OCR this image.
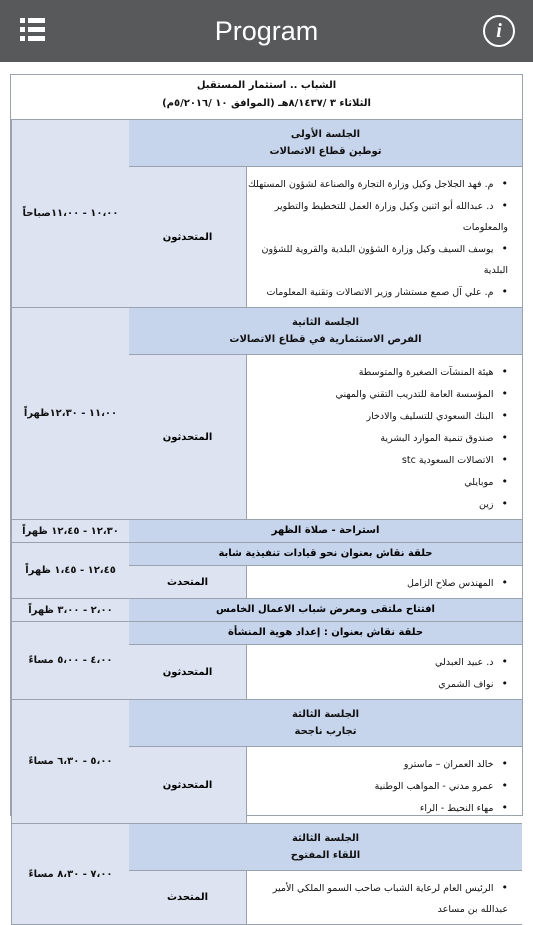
Program	i
الشباب .. استثمار المستقبل
الثلاثاء ٣ /٨/١٤٣٧هـ (الموافق ١٠ /٥/٢٠١٦م)
الجلسة الأولى
توطين قطاع الاتصالات
• م. فهد الجلاجل وكيل وزارة التجارة والصناعة لشؤون المستهلك
• د. عبدالله أبو اثنين وكيل وزارة العمل للتخطيط والتطوير والمعلومات
• يوسف السيف وكيل وزارة الشؤون البلدية والقروية للشؤون البلدية
• م. علي آل صمع مستشار وزير الاتصالات وتقنية المعلومات
المتحدثون
١٠،٠٠ - ١١،٠٠صباحاً
الجلسة الثانية
الفرص الاستثمارية في قطاع الاتصالات
• هيئة المنشآت الصغيرة والمتوسطة
• المؤسسة العامة للتدريب التقني والمهني
• البنك السعودي للتسليف والادخار
• صندوق تنمية الموارد البشرية
• الاتصالات السعودية stc
• موبايلي
• زين
المتحدثون
١١،٠٠ - ١٢،٣٠ظهراً
استراحة - صلاة الظهر
١٢،٣٠ - ١٢،٤٥ ظهراً
حلقة نقاش بعنوان نحو قيادات تنفيذية شابة
• المهندس صلاح الزامل
المتحدث
١٢،٤٥ - ١،٤٥ ظهراً
افتتاح ملتقى ومعرض شباب الاعمال الخامس
٢،٠٠ - ٣،٠٠ ظهراً
حلقة نقاش بعنوان : إعداد هوية المنشأة
• د. عبيد العبدلي
• نواف الشمري
المتحدثون
٤،٠٠ - ٥،٠٠ مساءً
الجلسة الثالثة
تجارب ناجحة
• خالد العمران – ماسترو
• عمرو مدني - المواهب الوطنية
• مهاء النحيط - الراء
المتحدثون
٥،٠٠ - ٦،٣٠ مساءً
الجلسة الثالثة
اللقاء المفتوح
• الرئيس العام لرعاية الشباب صاحب السمو الملكي الأمير عبدالله بن مساعد
المتحدث
٧،٠٠ - ٨،٣٠ مساءً
